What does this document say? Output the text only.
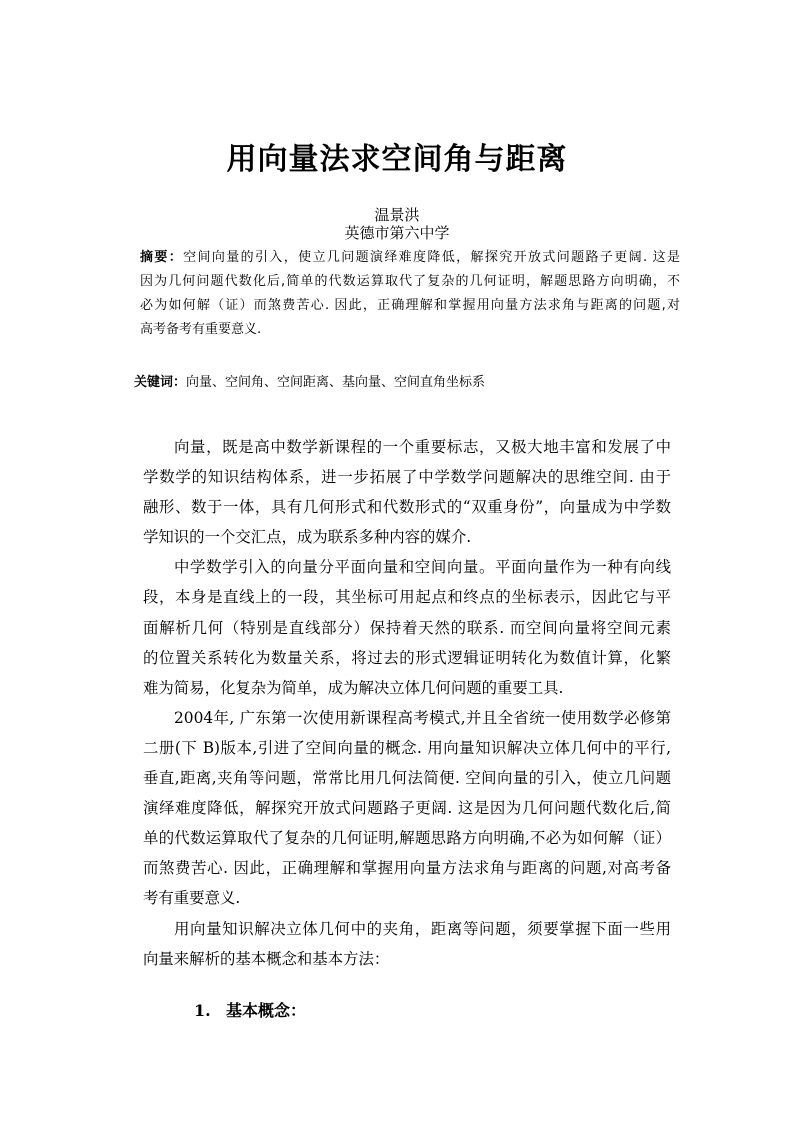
用向量法求空间角与距离
温景洪
英德市第六中学
摘要：空间向量的引入，使立几问题演绎难度降低，解探究开放式问题路子更阔. 这是
因为几何问题代数化后,简单的代数运算取代了复杂的几何证明，解题思路方向明确，不
必为如何解（证）而煞费苦心. 因此，正确理解和掌握用向量方法求角与距离的问题,对
高考备考有重要意义.
关键词：向量、空间角、空间距离、基向量、空间直角坐标系
向量，既是高中数学新课程的一个重要标志，又极大地丰富和发展了中
学数学的知识结构体系，进一步拓展了中学数学问题解决的思维空间. 由于
融形、数于一体，具有几何形式和代数形式的“双重身份”，向量成为中学数
学知识的一个交汇点，成为联系多种内容的媒介.
中学数学引入的向量分平面向量和空间向量。平面向量作为一种有向线
段，本身是直线上的一段，其坐标可用起点和终点的坐标表示，因此它与平
面解析几何（特别是直线部分）保持着天然的联系. 而空间向量将空间元素
的位置关系转化为数量关系，将过去的形式逻辑证明转化为数值计算，化繁
难为简易，化复杂为简单，成为解决立体几何问题的重要工具.
2004年, 广东第一次使用新课程高考模式,并且全省统一使用数学必修第
二册(下 B)版本,引进了空间向量的概念. 用向量知识解决立体几何中的平行,
垂直,距离,夹角等问题，常常比用几何法简便. 空间向量的引入，使立几问题
演绎难度降低，解探究开放式问题路子更阔. 这是因为几何问题代数化后,简
单的代数运算取代了复杂的几何证明,解题思路方向明确,不必为如何解（证）
而煞费苦心. 因此，正确理解和掌握用向量方法求角与距离的问题,对高考备
考有重要意义.
用向量知识解决立体几何中的夹角，距离等问题，须要掌握下面一些用
向量来解析的基本概念和基本方法：
1. 基本概念：
